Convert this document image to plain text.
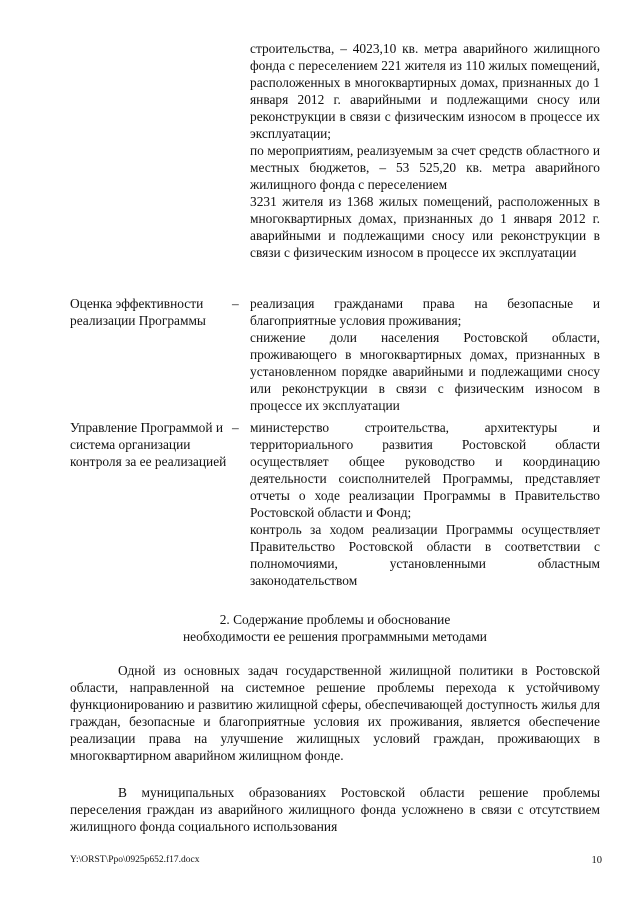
строительства, – 4023,10 кв. метра аварийного жилищного фонда с переселением 221 жителя из 110 жилых помещений, расположенных в многоквартирных домах, признанных до 1 января 2012 г. аварийными и подлежащими сносу или реконструкции в связи с физическим износом в процессе их эксплуатации;

по мероприятиям, реализуемым за счет средств областного и местных бюджетов, – 53 525,20 кв. метра аварийного жилищного фонда с переселением

3231 жителя из 1368 жилых помещений, расположенных в многоквартирных домах, признанных до 1 января 2012 г. аварийными и подлежащими сносу или реконструкции в связи с физическим износом в процессе их эксплуатации

Оценка эффективности реализации Программы
– реализация гражданами права на безопасные и благоприятные условия проживания;

снижение доли населения Ростовской области, проживающего в многоквартирных домах, признанных в установленном порядке аварийными и подлежащими сносу или реконструкции в связи с физическим износом в процессе их эксплуатации

Управление Программой и система организации контроля за ее реализацией
– министерство строительства, архитектуры и территориального развития Ростовской области осуществляет общее руководство и координацию деятельности соисполнителей Программы, представляет отчеты о ходе реализации Программы в Правительство Ростовской области и Фонд;

контроль за ходом реализации Программы осуществляет Правительство Ростовской области в соответствии с полномочиями, установленными областным законодательством

2. Содержание проблемы и обоснование
необходимости ее решения программными методами

Одной из основных задач государственной жилищной политики в Ростовской области, направленной на системное решение проблемы перехода к устойчивому функционированию и развитию жилищной сферы, обеспечивающей доступность жилья для граждан, безопасные и благоприятные условия их проживания, является обеспечение реализации права на улучшение жилищных условий граждан, проживающих в многоквартирном аварийном жилищном фонде.

В муниципальных образованиях Ростовской области решение проблемы переселения граждан из аварийного жилищного фонда усложнено в связи с отсутствием жилищного фонда социального использования

Y:\ORST\Ppo\0925p652.f17.docx	10
